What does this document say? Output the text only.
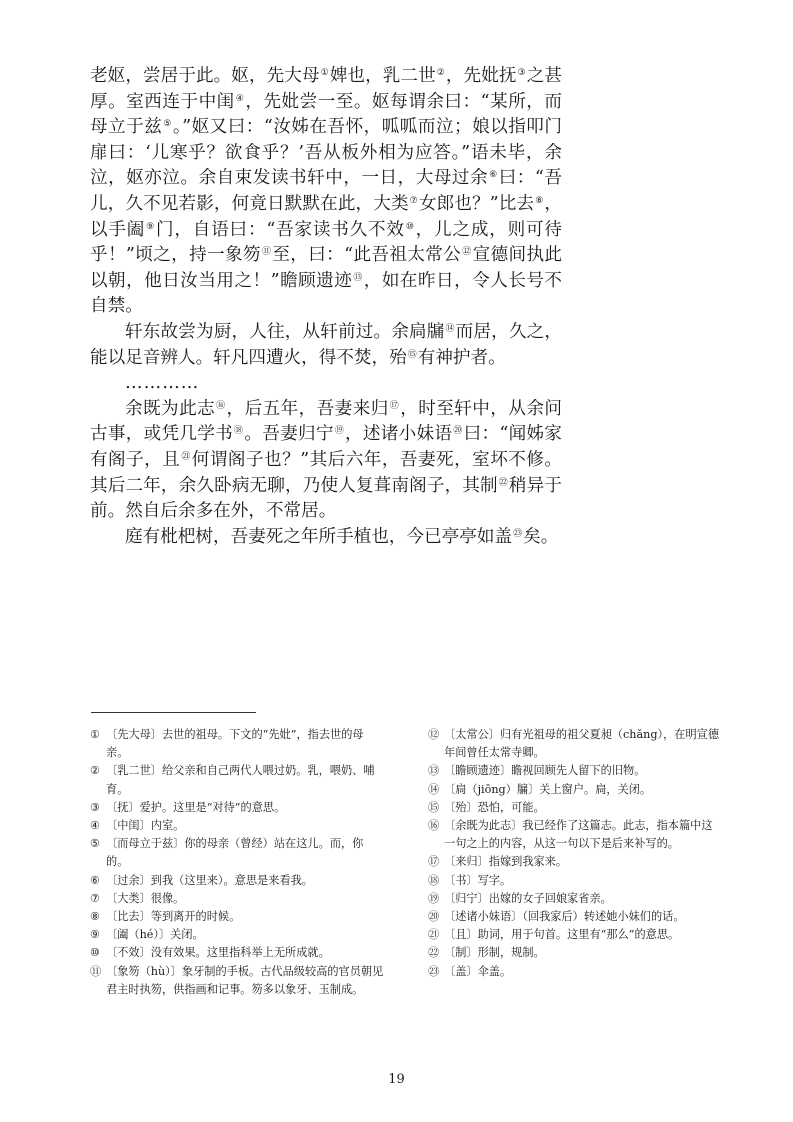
老妪，尝居于此。妪，先大母①婢也，乳二世②，先妣抚③之甚厚。室西连于中闺④，先妣尝一至。妪每谓余曰：“某所，而母立于兹⑤。”妪又曰：“汝姊在吾怀，呱呱而泣；娘以指叩门扉曰：‘儿寒乎？欲食乎？’吾从板外相为应答。”语未毕，余泣，妪亦泣。余自束发读书轩中，一日，大母过余⑥曰：“吾儿，久不见若影，何竟日默默在此，大类⑦女郎也？”比去⑧，以手阖⑨门，自语曰：“吾家读书久不效⑩，儿之成，则可待乎！”顷之，持一象笏⑪至，曰：“此吾祖太常公⑫宣德间执此以朝，他日汝当用之！”瞻顾遗迹⑬，如在昨日，令人长号不自禁。

轩东故尝为厨，人往，从轩前过。余扃牖⑭而居，久之，能以足音辨人。轩凡四遭火，得不焚，殆⑮有神护者。

…………

余既为此志⑯，后五年，吾妻来归⑰，时至轩中，从余问古事，或凭几学书⑱。吾妻归宁⑲，述诸小妹语⑳曰：“闻姊家有阁子，且$^㉑$何谓阁子也？”其后六年，吾妻死，室坏不修。其后二年，余久卧病无聊，乃使人复葺南阁子，其制$^㉒$稍异于前。然自后余多在外，不常居。

庭有枇杷树，吾妻死之年所手植也，今已亭亭如盖$^㉓$矣。

① 〔先大母〕去世的祖母。下文的“先妣”，指去世的母亲。
② 〔乳二世〕给父亲和自己两代人喂过奶。乳，喂奶、哺育。
③ 〔抚〕爱护。这里是“对待”的意思。
④ 〔中闺〕内室。
⑤ 〔而母立于兹〕你的母亲（曾经）站在这儿。而，你的。
⑥ 〔过余〕到我（这里来）。意思是来看我。
⑦ 〔大类〕很像。
⑧ 〔比去〕等到离开的时候。
⑨ 〔阖（hé）〕关闭。
⑩ 〔不效〕没有效果。这里指科举上无所成就。
⑪ 〔象笏（hù）〕象牙制的手板。古代品级较高的官员朝见君主时执笏，供指画和记事。笏多以象牙、玉制成。
⑫ 〔太常公〕归有光祖母的祖父夏昶（chǎng），在明宣德年间曾任太常寺卿。
⑬ 〔瞻顾遗迹〕瞻视回顾先人留下的旧物。
⑭ 〔扃（jiōng）牖〕关上窗户。扃，关闭。
⑮ 〔殆〕恐怕，可能。
⑯ 〔余既为此志〕我已经作了这篇志。此志，指本篇中这一句之上的内容，从这一句以下是后来补写的。
⑰ 〔来归〕指嫁到我家来。
⑱ 〔书〕写字。
⑲ 〔归宁〕出嫁的女子回娘家省亲。
⑳ 〔述诸小妹语〕（回我家后）转述她小妹们的话。
㉑ 〔且〕助词，用于句首。这里有“那么”的意思。
㉒ 〔制〕形制，规制。
㉓ 〔盖〕伞盖。
19
